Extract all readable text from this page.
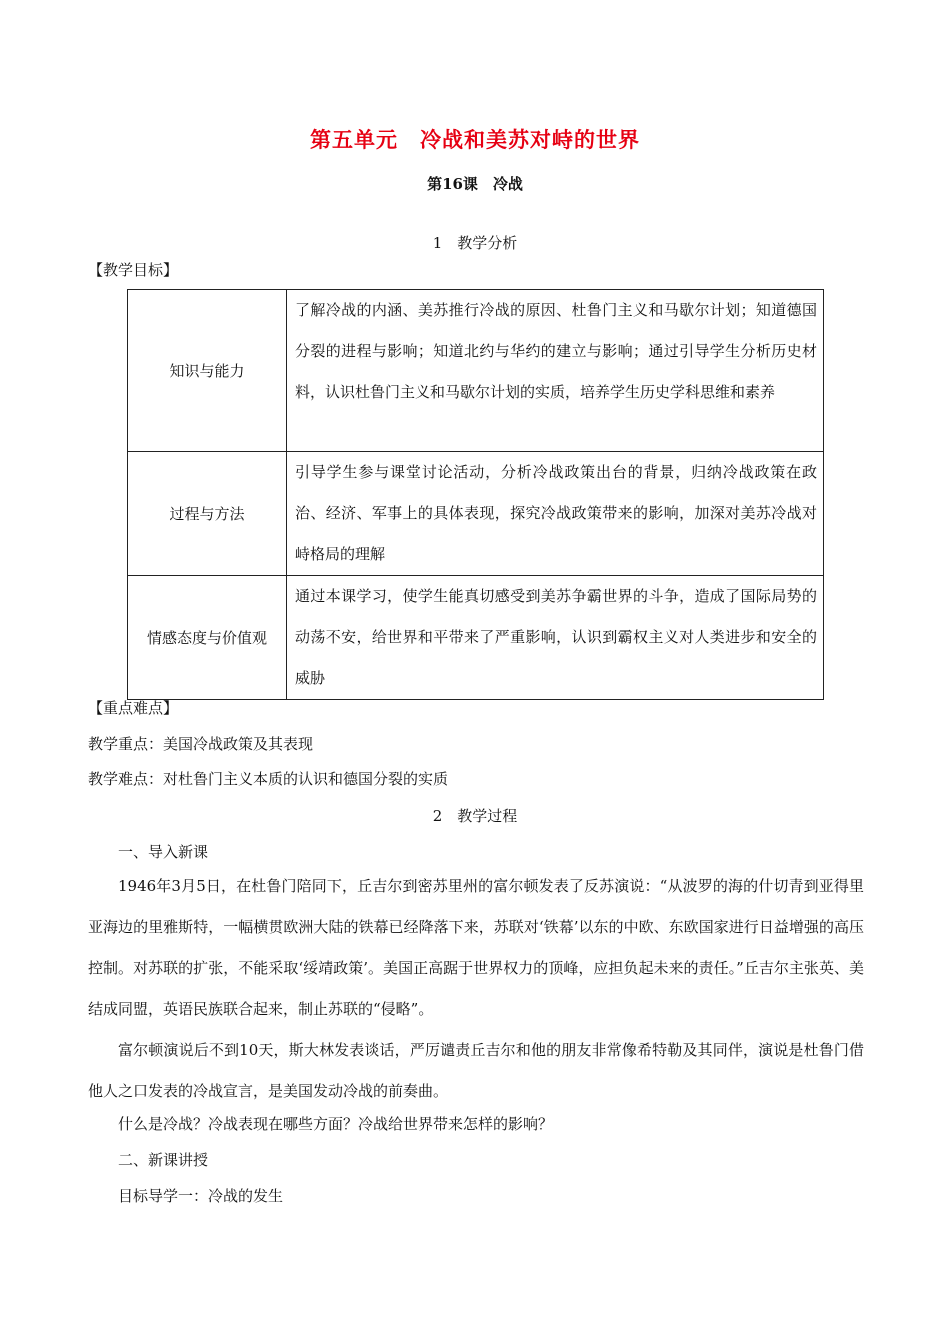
第五单元　冷战和美苏对峙的世界
第16课　冷战
1　教学分析
【教学目标】
知识与能力	了解冷战的内涵、美苏推行冷战的原因、杜鲁门主义和马歇尔计划；知道德国分裂的进程与影响；知道北约与华约的建立与影响；通过引导学生分析历史材料，认识杜鲁门主义和马歇尔计划的实质，培养学生历史学科思维和素养
过程与方法	引导学生参与课堂讨论活动，分析冷战政策出台的背景，归纳冷战政策在政治、经济、军事上的具体表现，探究冷战政策带来的影响，加深对美苏冷战对峙格局的理解
情感态度与价值观	通过本课学习，使学生能真切感受到美苏争霸世界的斗争，造成了国际局势的动荡不安，给世界和平带来了严重影响，认识到霸权主义对人类进步和安全的威胁
【重点难点】
教学重点：美国冷战政策及其表现
教学难点：对杜鲁门主义本质的认识和德国分裂的实质
2　教学过程
一、导入新课
1946年3月5日，在杜鲁门陪同下，丘吉尔到密苏里州的富尔顿发表了反苏演说：“从波罗的海的什切青到亚得里亚海边的里雅斯特，一幅横贯欧洲大陆的铁幕已经降落下来，苏联对‘铁幕’以东的中欧、东欧国家进行日益增强的高压控制。对苏联的扩张，不能采取‘绥靖政策’。美国正高踞于世界权力的顶峰，应担负起未来的责任。”丘吉尔主张英、美结成同盟，英语民族联合起来，制止苏联的“侵略”。
富尔顿演说后不到10天，斯大林发表谈话，严厉谴责丘吉尔和他的朋友非常像希特勒及其同伴，演说是杜鲁门借他人之口发表的冷战宣言，是美国发动冷战的前奏曲。
什么是冷战？冷战表现在哪些方面？冷战给世界带来怎样的影响？
二、新课讲授
目标导学一：冷战的发生
